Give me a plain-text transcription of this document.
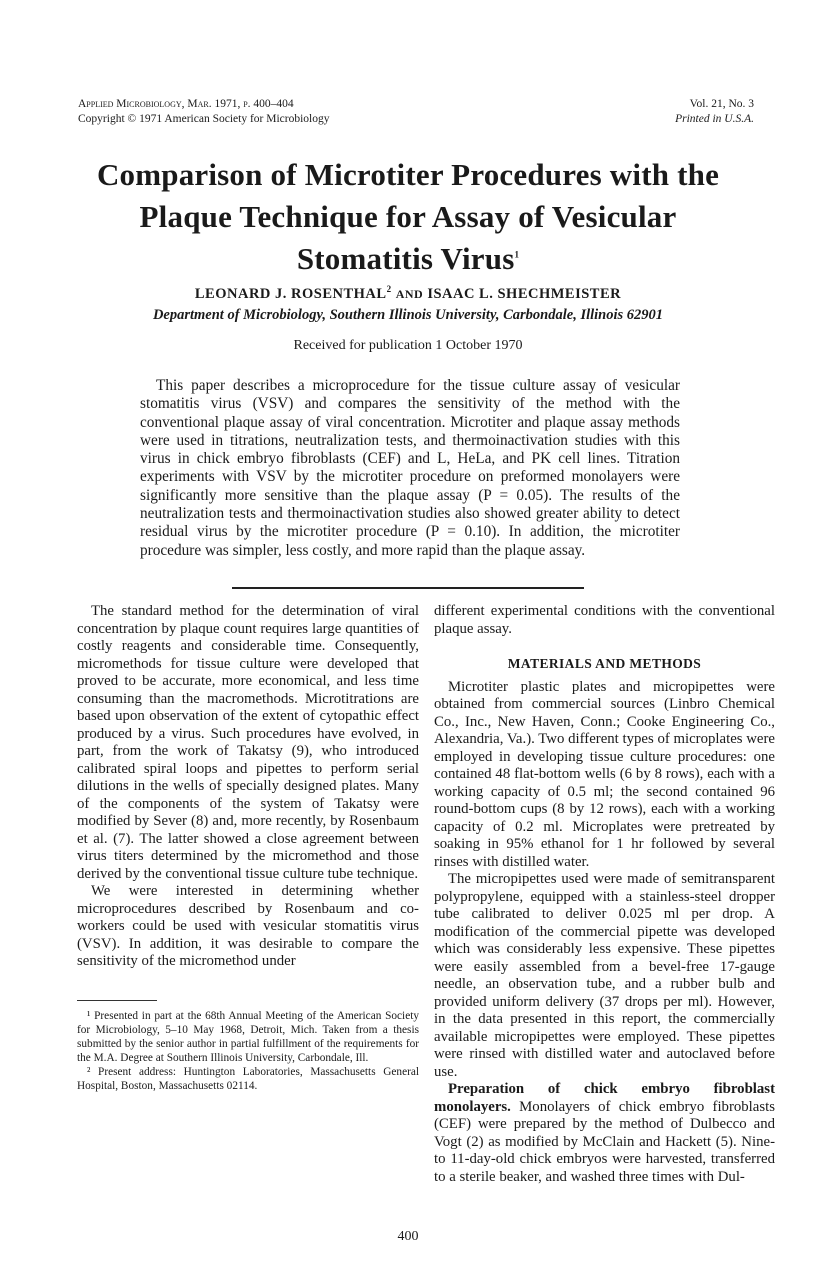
Applied Microbiology, Mar. 1971, p. 400–404
Copyright © 1971 American Society for Microbiology
Vol. 21, No. 3
Printed in U.S.A.
Comparison of Microtiter Procedures with the
Plaque Technique for Assay of Vesicular
Stomatitis Virus$^1$
LEONARD J. ROSENTHAL$^2$ AND ISAAC L. SHECHMEISTER
Department of Microbiology, Southern Illinois University, Carbondale, Illinois 62901
Received for publication 1 October 1970

This paper describes a microprocedure for the tissue culture assay of vesicular stomatitis virus (VSV) and compares the sensitivity of the method with the conventional plaque assay of viral concentration. Microtiter and plaque assay methods were used in titrations, neutralization tests, and thermoinactivation studies with this virus in chick embryo fibroblasts (CEF) and L, HeLa, and PK cell lines. Titration experiments with VSV by the microtiter procedure on preformed monolayers were significantly more sensitive than the plaque assay (P = 0.05). The results of the neutralization tests and thermoinactivation studies also showed greater ability to detect residual virus by the microtiter procedure (P = 0.10). In addition, the microtiter procedure was simpler, less costly, and more rapid than the plaque assay.

The standard method for the determination of viral concentration by plaque count requires large quantities of costly reagents and considerable time. Consequently, micromethods for tissue culture were developed that proved to be accurate, more economical, and less time consuming than the macromethods. Microtitrations are based upon observation of the extent of cytopathic effect produced by a virus. Such procedures have evolved, in part, from the work of Takatsy (9), who introduced calibrated spiral loops and pipettes to perform serial dilutions in the wells of specially designed plates. Many of the components of the system of Takatsy were modified by Sever (8) and, more recently, by Rosenbaum et al. (7). The latter showed a close agreement between virus titers determined by the micromethod and those derived by the conventional tissue culture tube technique.

We were interested in determining whether microprocedures described by Rosenbaum and co-workers could be used with vesicular stomatitis virus (VSV). In addition, it was desirable to compare the sensitivity of the micromethod under

¹ Presented in part at the 68th Annual Meeting of the American Society for Microbiology, 5–10 May 1968, Detroit, Mich. Taken from a thesis submitted by the senior author in partial fulfillment of the requirements for the M.A. Degree at Southern Illinois University, Carbondale, Ill.

² Present address: Huntington Laboratories, Massachusetts General Hospital, Boston, Massachusetts 02114.

different experimental conditions with the conventional plaque assay.

MATERIALS AND METHODS

Microtiter plastic plates and micropipettes were obtained from commercial sources (Linbro Chemical Co., Inc., New Haven, Conn.; Cooke Engineering Co., Alexandria, Va.). Two different types of microplates were employed in developing tissue culture procedures: one contained 48 flat-bottom wells (6 by 8 rows), each with a working capacity of 0.5 ml; the second contained 96 round-bottom cups (8 by 12 rows), each with a working capacity of 0.2 ml. Microplates were pretreated by soaking in 95% ethanol for 1 hr followed by several rinses with distilled water.

The micropipettes used were made of semitransparent polypropylene, equipped with a stainless-steel dropper tube calibrated to deliver 0.025 ml per drop. A modification of the commercial pipette was developed which was considerably less expensive. These pipettes were easily assembled from a bevel-free 17-gauge needle, an observation tube, and a rubber bulb and provided uniform delivery (37 drops per ml). However, in the data presented in this report, the commercially available micropipettes were employed. These pipettes were rinsed with distilled water and autoclaved before use.

Preparation of chick embryo fibroblast monolayers. Monolayers of chick embryo fibroblasts (CEF) were prepared by the method of Dulbecco and Vogt (2) as modified by McClain and Hackett (5). Nine- to 11-day-old chick embryos were harvested, transferred to a sterile beaker, and washed three times with Dul-

400
